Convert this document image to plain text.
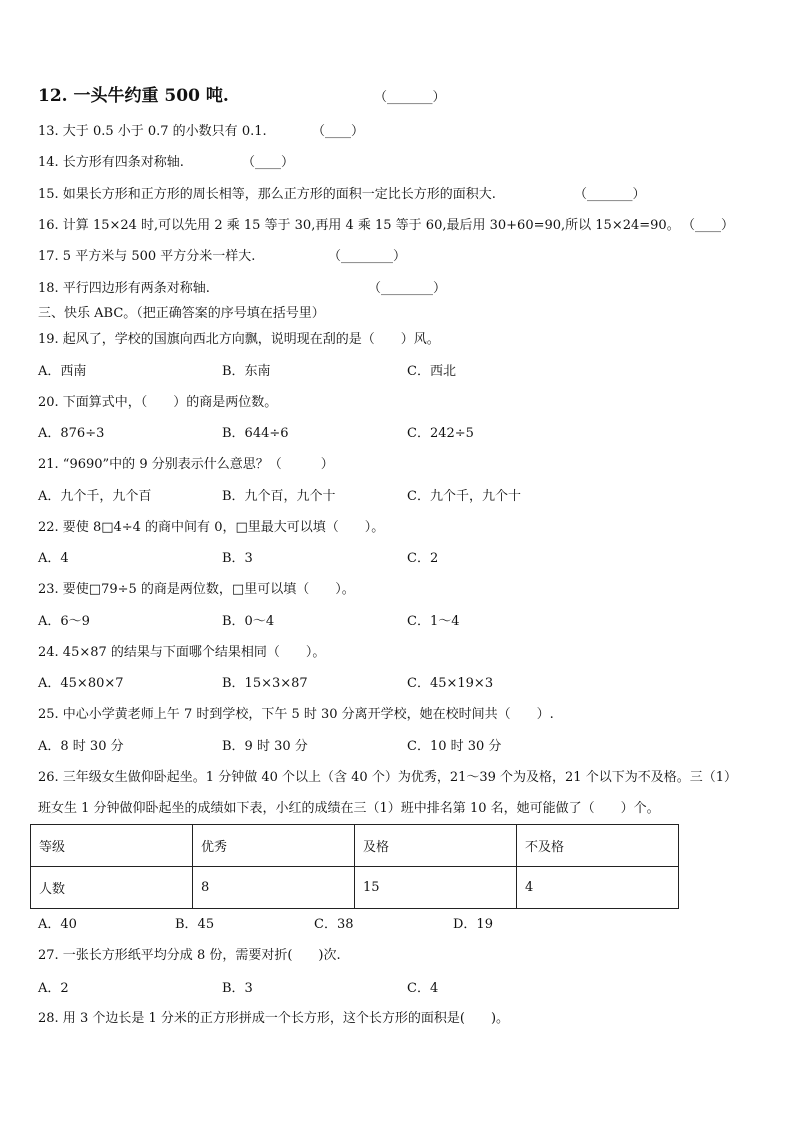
12. 一头牛约重 500 吨.	（_______）
13. 大于 0.5 小于 0.7 的小数只有 0.1.	（____）
14. 长方形有四条对称轴.	（____）
15. 如果长方形和正方形的周长相等，那么正方形的面积一定比长方形的面积大.	（_______）
16. 计算 15×24 时,可以先用 2 乘 15 等于 30,再用 4 乘 15 等于 60,最后用 30+60=90,所以 15×24=90。 （____）
17. 5 平方米与 500 平方分米一样大.	（________）
18. 平行四边形有两条对称轴.	（________）
三、快乐 ABC。（把正确答案的序号填在括号里）
19. 起风了，学校的国旗向西北方向飘，说明现在刮的是（　　）风。
A．西南	B．东南	C．西北
20. 下面算式中，（　　）的商是两位数。
A．876÷3	B．644÷6	C．242÷5
21. “9690”中的 9 分别表示什么意思？（　　　）
A．九个千，九个百	B．九个百，九个十	C．九个千，九个十
22. 要使 8□4÷4 的商中间有 0，□里最大可以填（　　）。
A．4	B．3	C．2
23. 要使□79÷5 的商是两位数，□里可以填（　　）。
A．6～9	B．0～4	C．1～4
24. 45×87 的结果与下面哪个结果相同（　　）。
A．45×80×7	B．15×3×87	C．45×19×3
25. 中心小学黄老师上午 7 时到学校，下午 5 时 30 分离开学校，她在校时间共（　　）.
A．8 时 30 分	B．9 时 30 分	C．10 时 30 分
26. 三年级女生做仰卧起坐。1 分钟做 40 个以上（含 40 个）为优秀，21～39 个为及格，21 个以下为不及格。三（1）
班女生 1 分钟做仰卧起坐的成绩如下表，小红的成绩在三（1）班中排名第 10 名，她可能做了（　　）个。
等级	优秀	及格	不及格
人数	8	15	4
A．40	B．45	C．38	D．19
27. 一张长方形纸平均分成 8 份，需要对折(　　)次.
A．2	B．3	C．4
28. 用 3 个边长是 1 分米的正方形拼成一个长方形，这个长方形的面积是(　　)。
